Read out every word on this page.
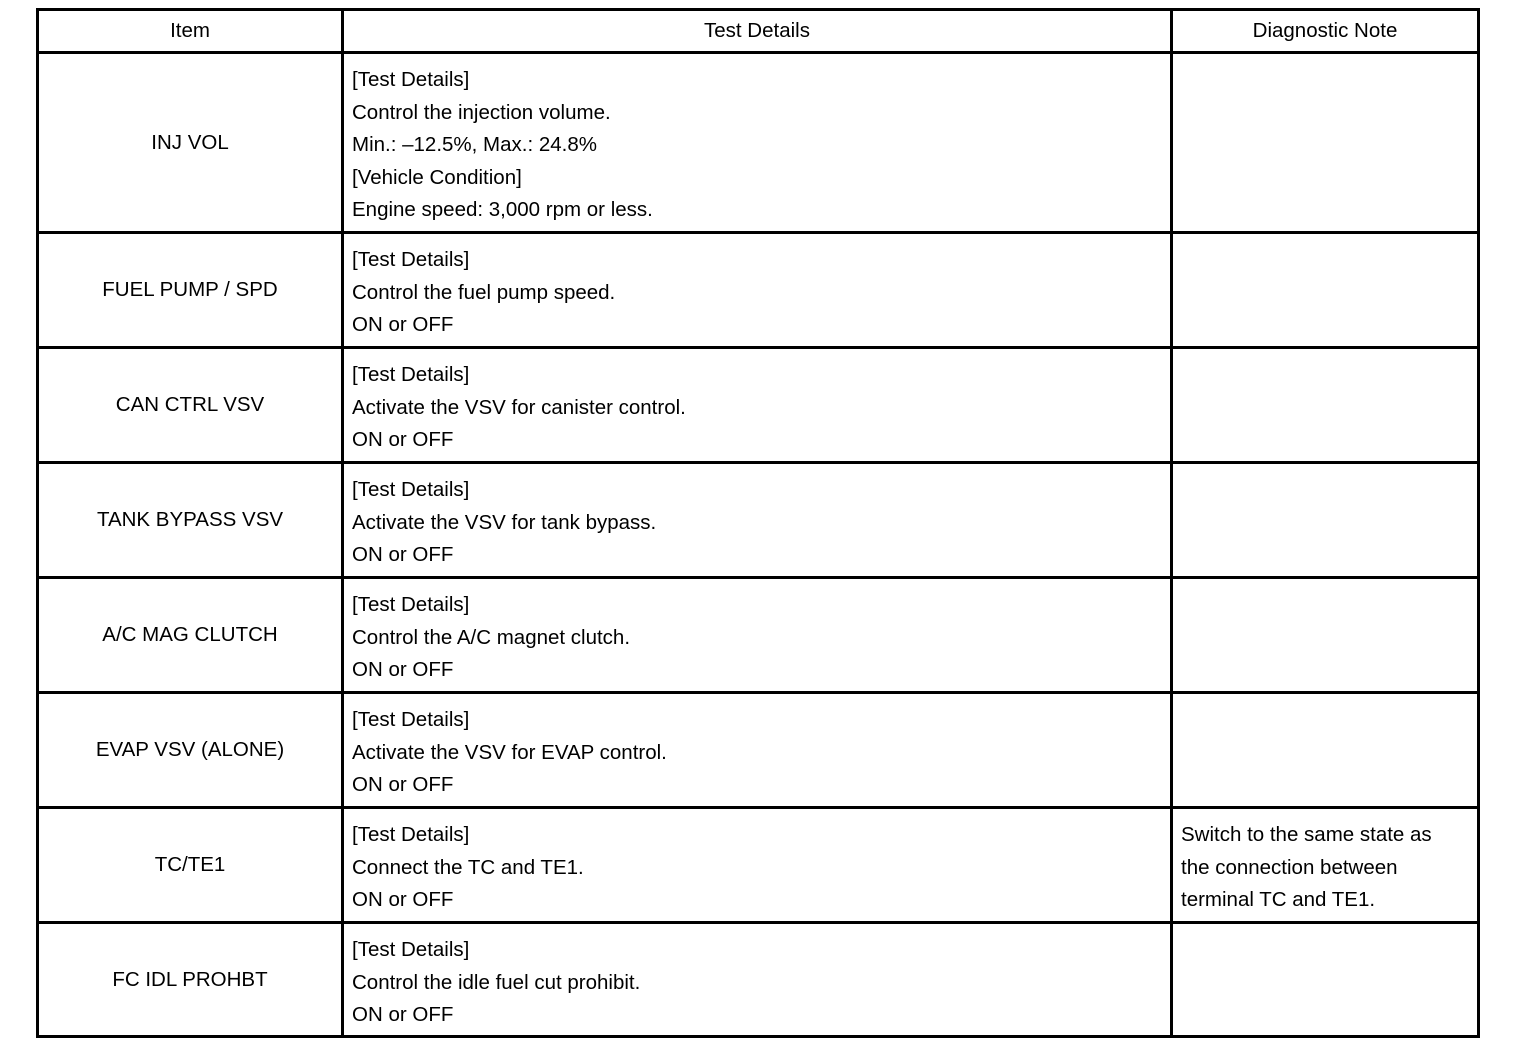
Item	Test Details	Diagnostic Note
INJ VOL	[Test Details]
Control the injection volume.
Min.: –12.5%, Max.: 24.8%
[Vehicle Condition]
Engine speed: 3,000 rpm or less.	

FUEL PUMP / SPD	[Test Details]
Control the fuel pump speed.
ON or OFF	

CAN CTRL VSV	[Test Details]
Activate the VSV for canister control.
ON or OFF	

TANK BYPASS VSV	[Test Details]
Activate the VSV for tank bypass.
ON or OFF	

A/C MAG CLUTCH	[Test Details]
Control the A/C magnet clutch.
ON or OFF	

EVAP VSV (ALONE)	[Test Details]
Activate the VSV for EVAP control.
ON or OFF	

TC/TE1	[Test Details]
Connect the TC and TE1.
ON or OFF	Switch to the same state as
the connection between
terminal TC and TE1.

FC IDL PROHBT	[Test Details]
Control the idle fuel cut prohibit.
ON or OFF	
